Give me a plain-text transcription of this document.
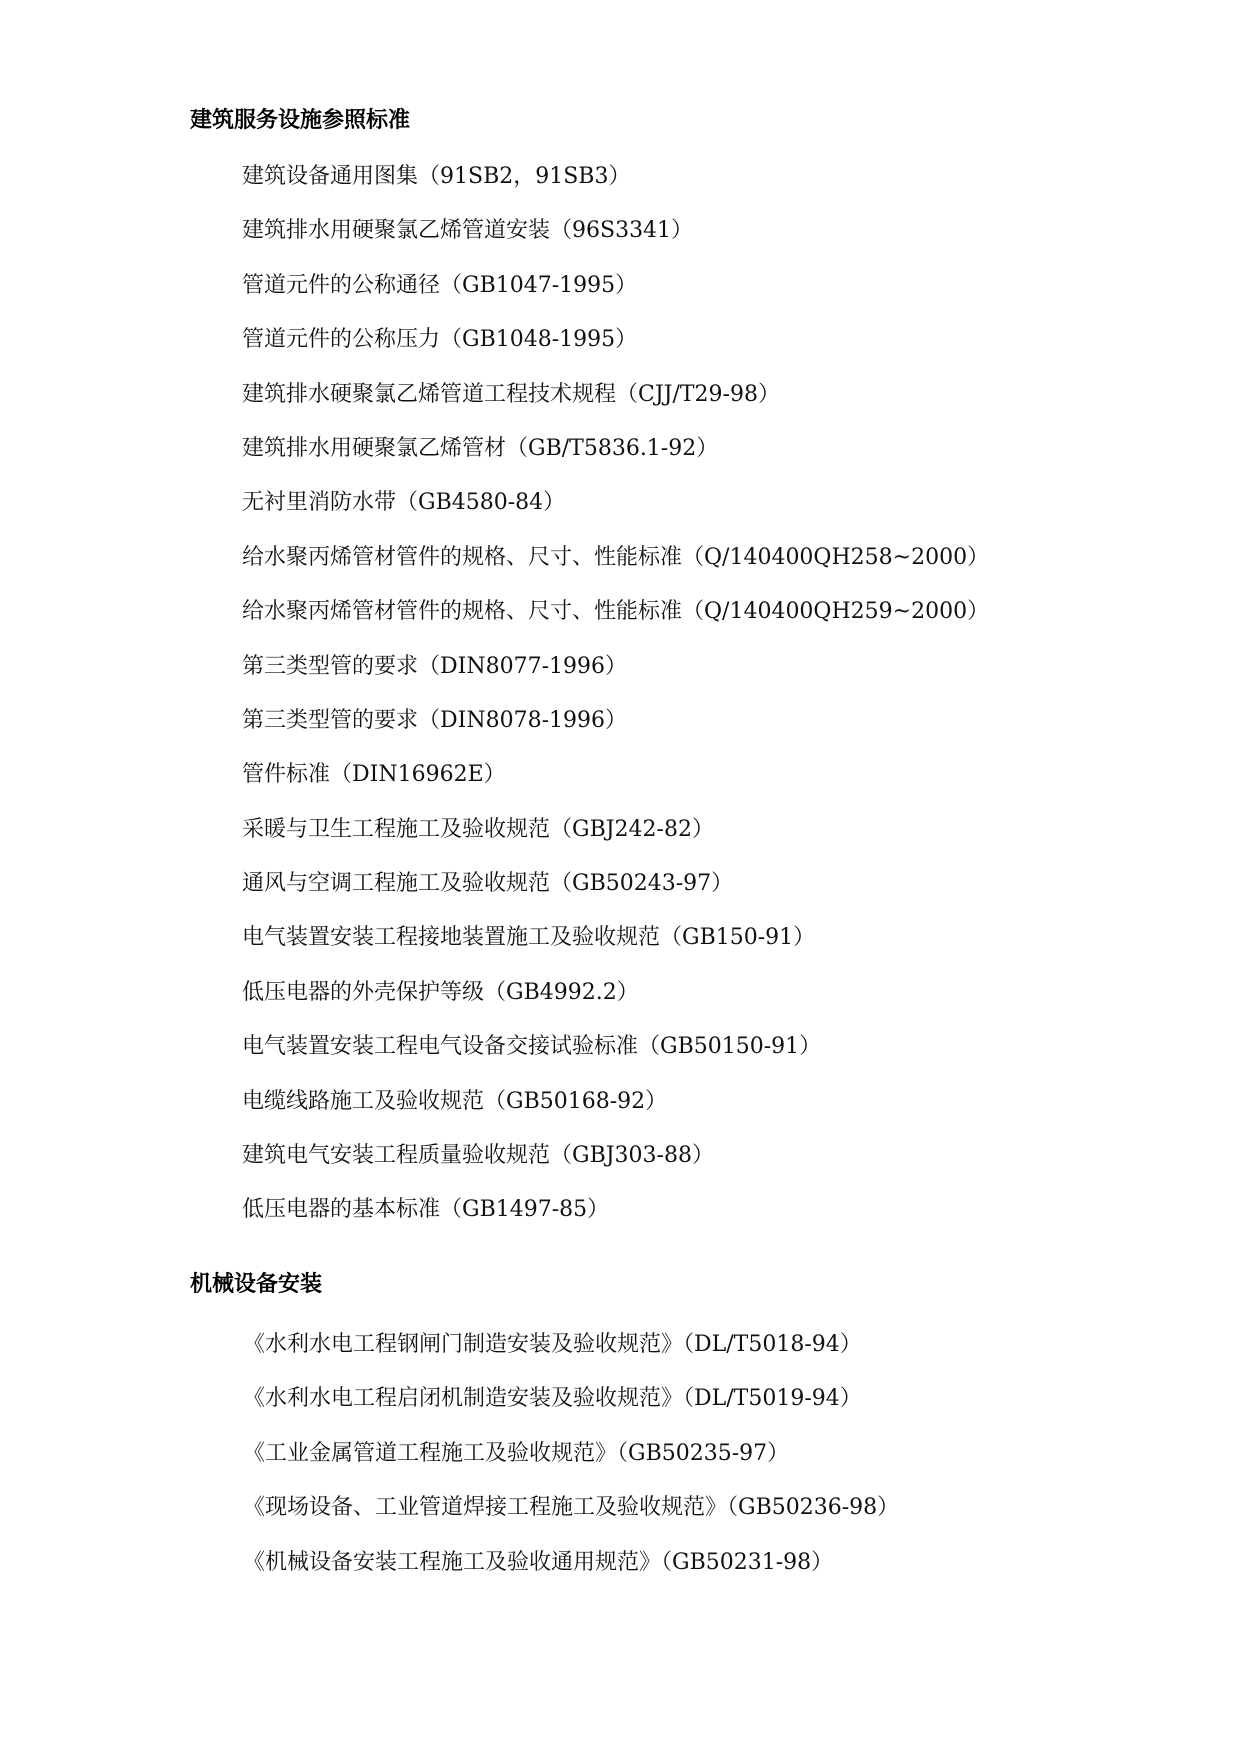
建筑服务设施参照标准
建筑设备通用图集（91SB2，91SB3）
建筑排水用硬聚氯乙烯管道安装（96S3341）
管道元件的公称通径（GB1047-1995）
管道元件的公称压力（GB1048-1995）
建筑排水硬聚氯乙烯管道工程技术规程（CJJ/T29-98）
建筑排水用硬聚氯乙烯管材（GB/T5836.1-92）
无衬里消防水带（GB4580-84）
给水聚丙烯管材管件的规格、尺寸、性能标准（Q/140400QH258~2000）
给水聚丙烯管材管件的规格、尺寸、性能标准（Q/140400QH259~2000）
第三类型管的要求（DIN8077-1996）
第三类型管的要求（DIN8078-1996）
管件标准（DIN16962E）
采暖与卫生工程施工及验收规范（GBJ242-82）
通风与空调工程施工及验收规范（GB50243-97）
电气装置安装工程接地装置施工及验收规范（GB150-91）
低压电器的外壳保护等级（GB4992.2）
电气装置安装工程电气设备交接试验标准（GB50150-91）
电缆线路施工及验收规范（GB50168-92）
建筑电气安装工程质量验收规范（GBJ303-88）
低压电器的基本标准（GB1497-85）
机械设备安装
《水利水电工程钢闸门制造安装及验收规范》（DL/T5018-94）
《水利水电工程启闭机制造安装及验收规范》（DL/T5019-94）
《工业金属管道工程施工及验收规范》（GB50235-97）
《现场设备、工业管道焊接工程施工及验收规范》（GB50236-98）
《机械设备安装工程施工及验收通用规范》（GB50231-98）
